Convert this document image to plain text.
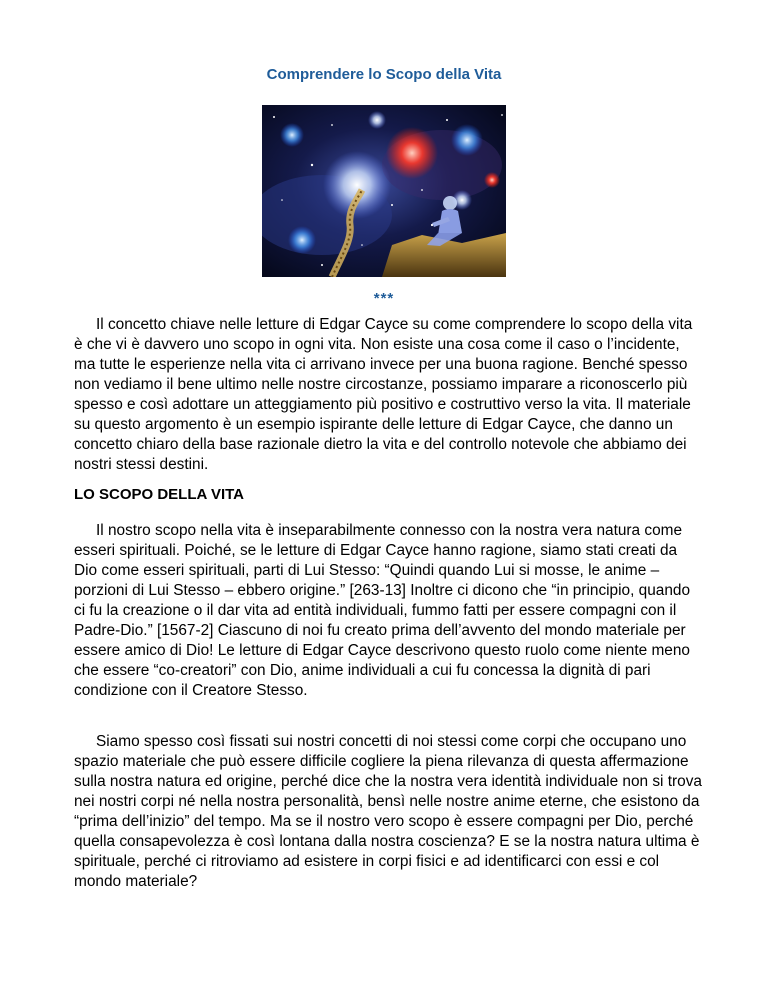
Comprendere lo Scopo della Vita
***

Il concetto chiave nelle letture di Edgar Cayce su come comprendere lo scopo della vita è che vi è davvero uno scopo in ogni vita. Non esiste una cosa come il caso o l’incidente, ma tutte le esperienze nella vita ci arrivano invece per una buona ragione. Benché spesso non vediamo il bene ultimo nelle nostre circostanze, possiamo imparare a riconoscerlo più spesso e così adottare un atteggiamento più positivo e costruttivo verso la vita. Il materiale su questo argomento è un esempio ispirante delle letture di Edgar Cayce, che danno un concetto chiaro della base razionale dietro la vita e del controllo notevole che abbiamo dei nostri stessi destini.

LO SCOPO DELLA VITA

Il nostro scopo nella vita è inseparabilmente connesso con la nostra vera natura come esseri spirituali. Poiché, se le letture di Edgar Cayce hanno ragione, siamo stati creati da Dio come esseri spirituali, parti di Lui Stesso: “Quindi quando Lui si mosse, le anime – porzioni di Lui Stesso – ebbero origine.” [263-13] Inoltre ci dicono che “in principio, quando ci fu la creazione o il dar vita ad entità individuali, fummo fatti per essere compagni con il Padre-Dio.” [1567-2] Ciascuno di noi fu creato prima dell’avvento del mondo materiale per essere amico di Dio! Le letture di Edgar Cayce descrivono questo ruolo come niente meno che essere “co-creatori” con Dio, anime individuali a cui fu concessa la dignità di pari condizione con il Creatore Stesso.

Siamo spesso così fissati sui nostri concetti di noi stessi come corpi che occupano uno spazio materiale che può essere difficile cogliere la piena rilevanza di questa affermazione sulla nostra natura ed origine, perché dice che la nostra vera identità individuale non si trova nei nostri corpi né nella nostra personalità, bensì nelle nostre anime eterne, che esistono da “prima dell’inizio” del tempo. Ma se il nostro vero scopo è essere compagni per Dio, perché quella consapevolezza è così lontana dalla nostra coscienza? E se la nostra natura ultima è spirituale, perché ci ritroviamo ad esistere in corpi fisici e ad identificarci con essi e col mondo materiale?
